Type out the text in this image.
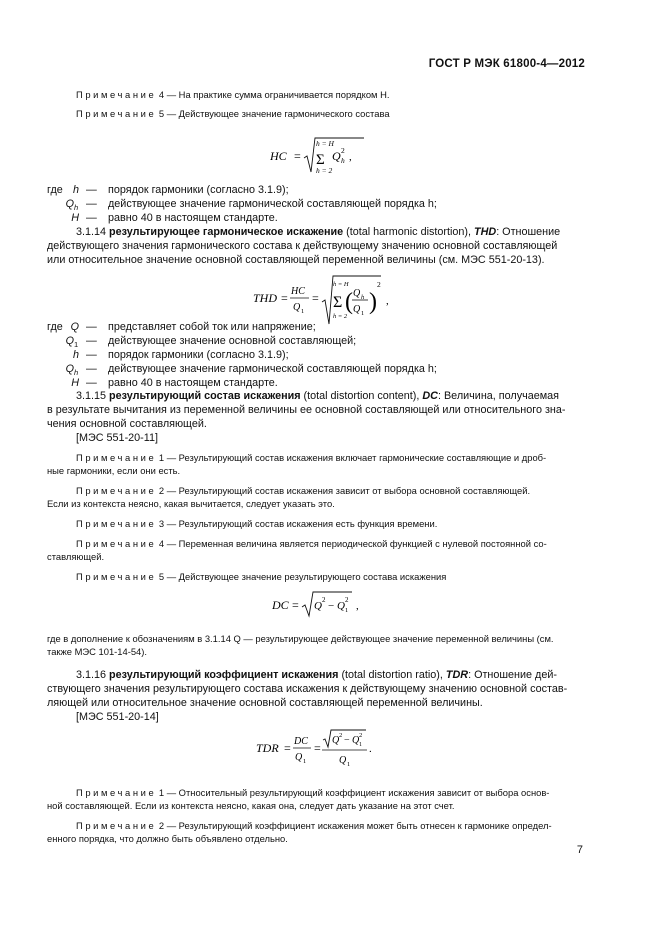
ГОСТ Р МЭК 61800-4—2012
Примечание 4 — На практике сумма ограничивается порядком H.
Примечание 5 — Действующее значение гармонического состава
HC =
h = H
Σ
h = 2
Q h
2
,
где h — порядок гармоники (согласно 3.1.9);
Q h — действующее значение гармонической составляющей порядка h;
H — равно 40 в настоящем стандарте.
3.1.14 результирующее гармоническое искажение (total harmonic distortion), THD: Отношение
действующего значения гармонического состава к действующему значению основной составляющей
или относительное значение основной составляющей переменной величины (см. МЭС 551-20-13).
THD = HC
Q 1
=
h = H
Σ
h = 2
( Q h
Q 1 )
2
,
где Q — представляет собой ток или напряжение;
Q 1 — действующее значение основной составляющей;
h — порядок гармоники (согласно 3.1.9);
Q h — действующее значение гармонической составляющей порядка h;
H — равно 40 в настоящем стандарте.
3.1.15 результирующий состав искажения (total distortion content), DC: Величина, получаемая
в результате вычитания из переменной величины ее основной составляющей или относительного зна-
чения основной составляющей.
[МЭС 551-20-11]
Примечание 1 — Результирующий состав искажения включает гармонические составляющие и дроб-
ные гармоники, если они есть.
Примечание 2 — Результирующий состав искажения зависит от выбора основной составляющей.
Если из контекста неясно, какая вычитается, следует указать это.
Примечание 3 — Результирующий состав искажения есть функция времени.
Примечание 4 — Переменная величина является периодической функцией с нулевой постоянной со-
ставляющей.
Примечание 5 — Действующее значение результирующего состава искажения
DC = Q 2 − Q 1
2 ,
где в дополнение к обозначениям в 3.1.14 Q — результирующее действующее значение переменной величины (см.
также МЭС 101-14-54).
3.1.16 результирующий коэффициент искажения (total distortion ratio), TDR: Отношение дей-
ствующего значения результирующего состава искажения к действующему значению основной состав-
ляющей или относительное значение основной составляющей переменной величины.
[МЭС 551-20-14]
TDR = DC
Q 1
=
Q 2 − Q 1
2
Q 1
.
Примечание 1 — Относительный результирующий коэффициент искажения зависит от выбора основ-
ной составляющей. Если из контекста неясно, какая она, следует дать указание на этот счет.
Примечание 2 — Результирующий коэффициент искажения может быть отнесен к гармонике определ-
енного порядка, что должно быть объявлено отдельно.
7
